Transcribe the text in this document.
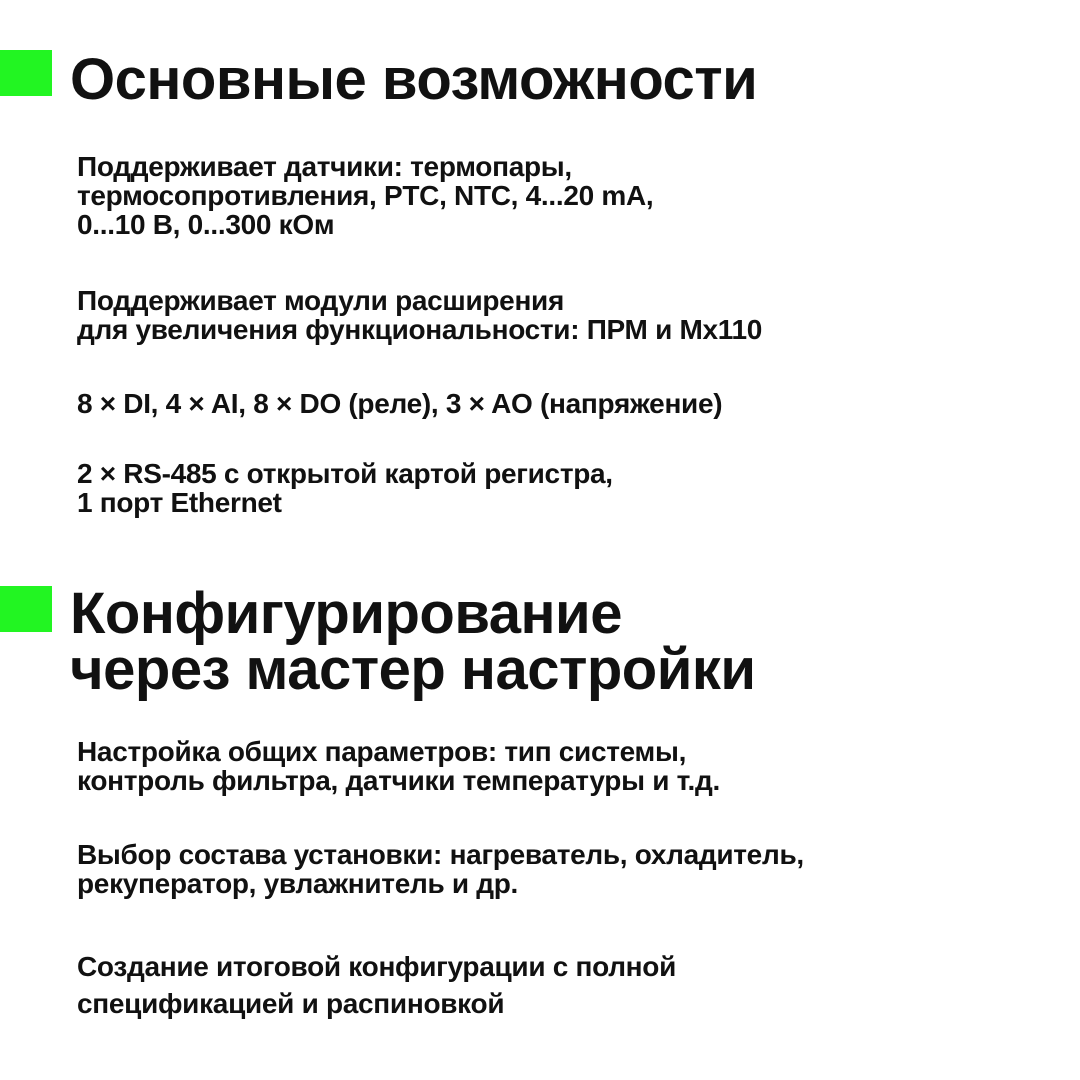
Основные возможности

Поддерживает датчики: термопары,
термосопротивления, PTC, NTC, 4...20 mA,
0...10 В, 0...300 кОм

Поддерживает модули расширения
для увеличения функциональности: ПРМ и Мх110

8 × DI, 4 × AI, 8 × DO (реле), 3 × AO (напряжение)

2 × RS-485 с открытой картой регистра,
1 порт Ethernet

Конфигурирование
через мастер настройки

Настройка общих параметров: тип системы,
контроль фильтра, датчики температуры и т.д.

Выбор состава установки: нагреватель, охладитель,
рекуператор, увлажнитель и др.

Создание итоговой конфигурации с полной
спецификацией и распиновкой
